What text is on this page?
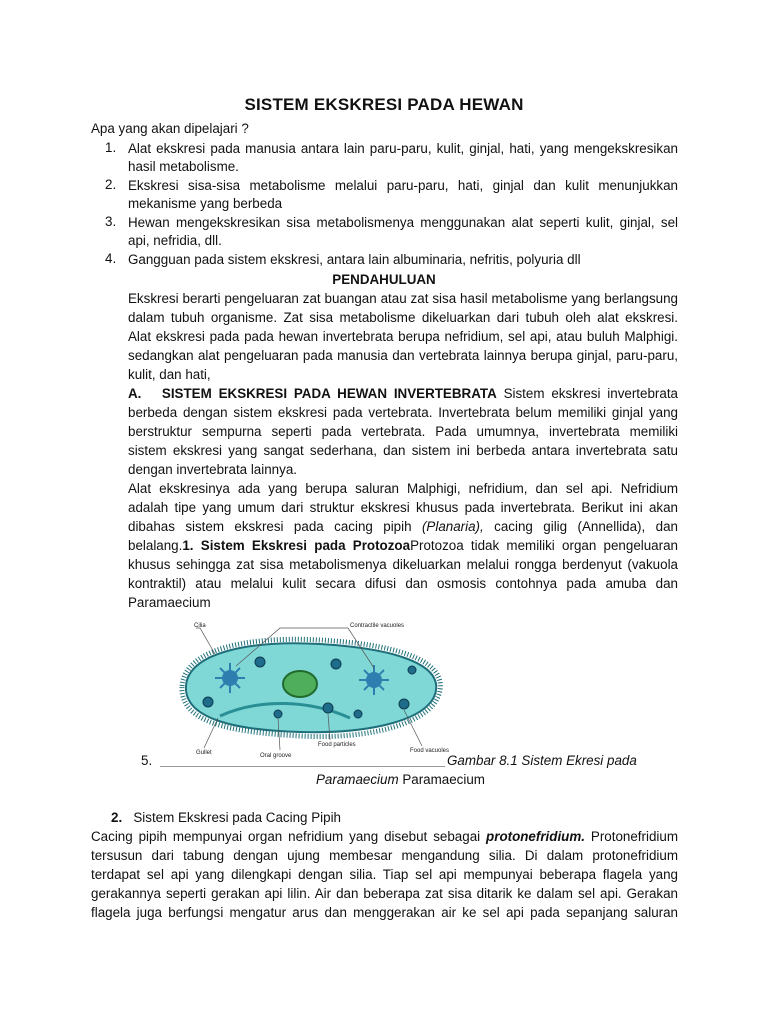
SISTEM EKSKRESI PADA HEWAN
Apa yang akan dipelajari ?
1. Alat ekskresi pada manusia antara lain paru-paru, kulit, ginjal, hati, yang mengekskresikan
hasil metabolisme.
2. Ekskresi sisa-sisa metabolisme melalui paru-paru, hati, ginjal dan kulit menunjukkan
mekanisme yang berbeda
3. Hewan mengekskresikan sisa metabolismenya menggunakan alat seperti kulit, ginjal, sel
api, nefridia, dll.
4. Gangguan pada sistem ekskresi, antara lain albuminaria, nefritis, polyuria dll
PENDAHULUAN
Ekskresi berarti pengeluaran zat buangan atau zat sisa hasil metabolisme yang berlangsung
dalam tubuh organisme. Zat sisa metabolisme dikeluarkan dari tubuh oleh alat ekskresi.
Alat ekskresi pada pada hewan invertebrata berupa nefridium, sel api, atau buluh Malphigi.
sedangkan alat pengeluaran pada manusia dan vertebrata lainnya berupa ginjal, paru-paru,
kulit, dan hati,
A. SISTEM EKSKRESI PADA HEWAN INVERTEBRATA Sistem ekskresi invertebrata
berbeda dengan sistem ekskresi pada vertebrata. Invertebrata belum memiliki ginjal yang
berstruktur sempurna seperti pada vertebrata. Pada umumnya, invertebrata memiliki
sistem ekskresi yang sangat sederhana, dan sistem ini berbeda antara invertebrata satu
dengan invertebrata lainnya.
Alat ekskresinya ada yang berupa saluran Malphigi, nefridium, dan sel api. Nefridium
adalah tipe yang umum dari struktur ekskresi khusus pada invertebrata. Berikut ini akan
dibahas sistem ekskresi pada cacing pipih (Planaria), cacing gilig (Annellida), dan
belalang.1. Sistem Ekskresi pada ProtozoaProtozoa tidak memiliki organ pengeluaran
khusus sehingga zat sisa metabolismenya dikeluarkan melalui rongga berdenyut (vakuola
kontraktil) atau melalui kulit secara difusi dan osmosis contohnya pada amuba dan
Paramaecium
Cilia	Contractile vacuoles
Gullet	Oral groove
Food particles
Food vacuoles
5.	Gambar 8.1 Sistem Ekresi pada
Paramaecium Paramaecium
2. Sistem Ekskresi pada Cacing Pipih
Cacing pipih mempunyai organ nefridium yang disebut sebagai protonefridium. Protonefridium
tersusun dari tabung dengan ujung membesar mengandung silia. Di dalam protonefridium
terdapat sel api yang dilengkapi dengan silia. Tiap sel api mempunyai beberapa flagela yang
gerakannya seperti gerakan api lilin. Air dan beberapa zat sisa ditarik ke dalam sel api. Gerakan
flagela juga berfungsi mengatur arus dan menggerakan air ke sel api pada sepanjang saluran
